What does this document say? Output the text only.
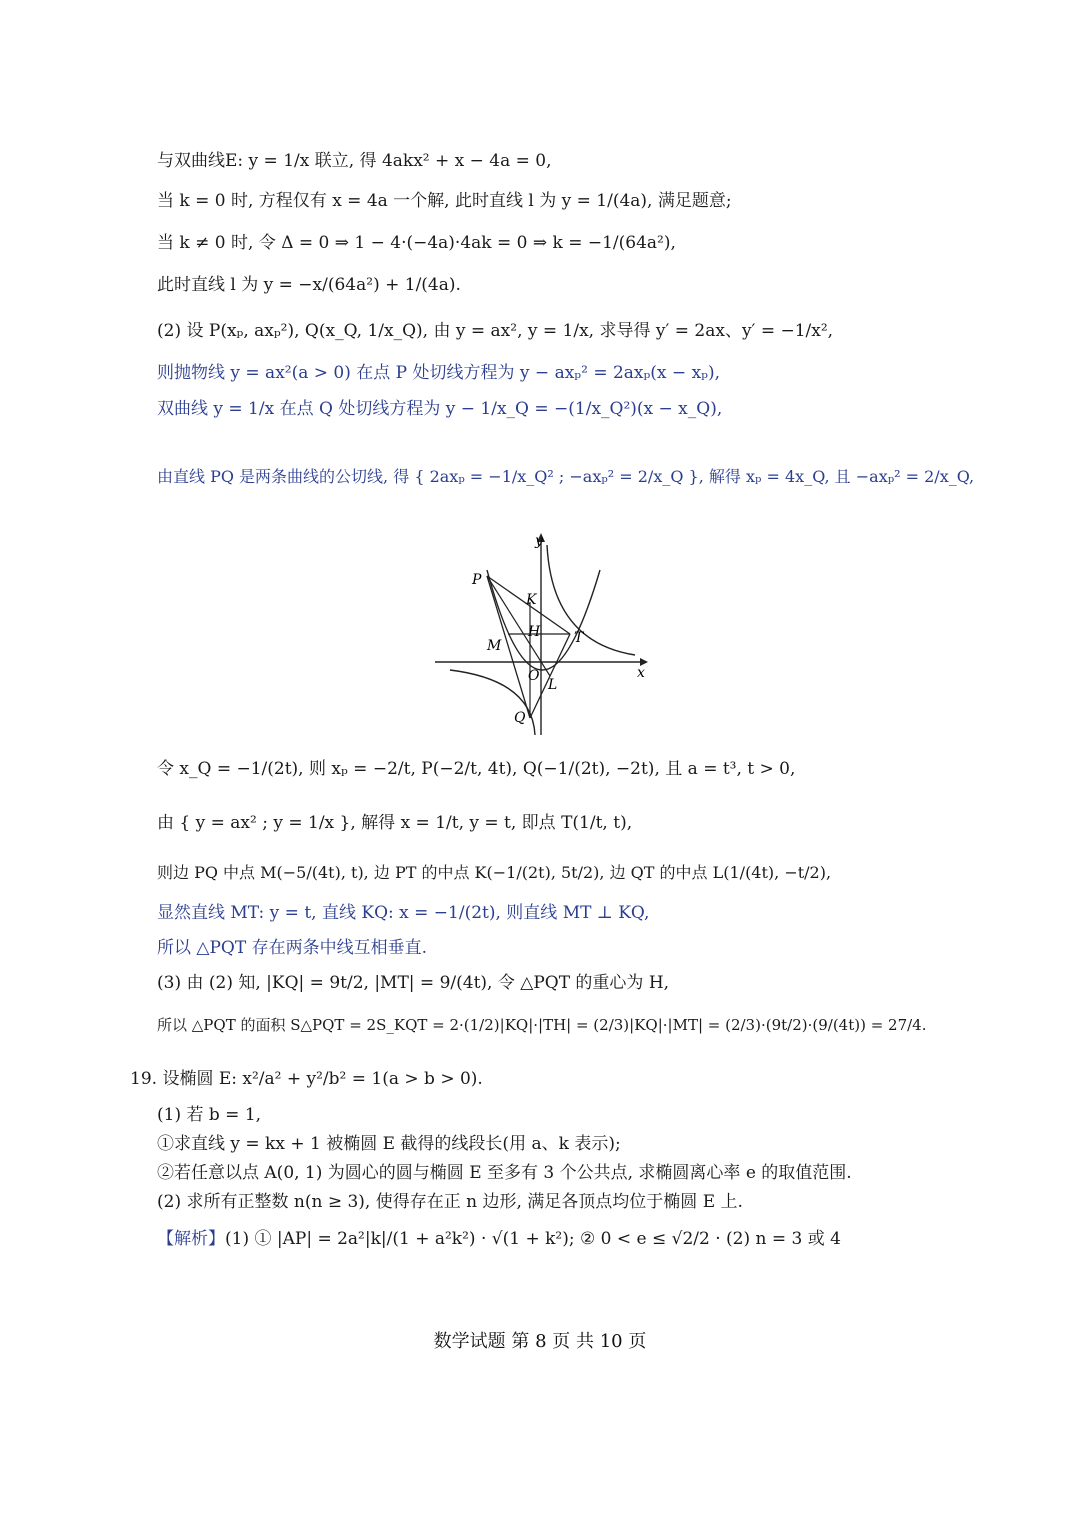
与双曲线E: y = 1/x 联立, 得 4akx² + x − 4a = 0,
当 k = 0 时, 方程仅有 x = 4a 一个解, 此时直线 l 为 y = 1/(4a), 满足题意;
当 k ≠ 0 时, 令 Δ = 0 ⇒ 1 − 4·(−4a)·4ak = 0 ⇒ k = −1/(64a²),
此时直线 l 为 y = −x/(64a²) + 1/(4a).
(2) 设 P(xₚ, axₚ²), Q(x_Q, 1/x_Q), 由 y = ax², y = 1/x, 求导得 y′ = 2ax、y′ = −1/x²,
则抛物线 y = ax²(a > 0) 在点 P 处切线方程为 y − axₚ² = 2axₚ(x − xₚ),
双曲线 y = 1/x 在点 Q 处切线方程为 y − 1/x_Q = −(1/x_Q²)(x − x_Q),
由直线 PQ 是两条曲线的公切线, 得 { 2axₚ = −1/x_Q² ; −axₚ² = 2/x_Q }, 解得 xₚ = 4x_Q, 且 −axₚ² = 2/x_Q,
y
P
K
H T
M
O
L
x
Q
令 x_Q = −1/(2t), 则 xₚ = −2/t, P(−2/t, 4t), Q(−1/(2t), −2t), 且 a = t³, t > 0,
由 { y = ax² ; y = 1/x }, 解得 x = 1/t, y = t, 即点 T(1/t, t),
则边 PQ 中点 M(−5/(4t), t), 边 PT 的中点 K(−1/(2t), 5t/2), 边 QT 的中点 L(1/(4t), −t/2),
显然直线 MT: y = t, 直线 KQ: x = −1/(2t), 则直线 MT ⊥ KQ,
所以 △PQT 存在两条中线互相垂直.
(3) 由 (2) 知, |KQ| = 9t/2, |MT| = 9/(4t), 令 △PQT 的重心为 H,
所以 △PQT 的面积 S△PQT = 2S_KQT = 2·(1/2)|KQ|·|TH| = (2/3)|KQ|·|MT| = (2/3)·(9t/2)·(9/(4t)) = 27/4.
19. 设椭圆 E: x²/a² + y²/b² = 1(a > b > 0).
(1) 若 b = 1,
①求直线 y = kx + 1 被椭圆 E 截得的线段长(用 a、k 表示);
②若任意以点 A(0, 1) 为圆心的圆与椭圆 E 至多有 3 个公共点, 求椭圆离心率 e 的取值范围.
(2) 求所有正整数 n(n ≥ 3), 使得存在正 n 边形, 满足各顶点均位于椭圆 E 上.
【解析】(1) ① |AP| = 2a²|k|/(1 + a²k²) · √(1 + k²); ② 0 < e ≤ √2/2 · (2) n = 3 或 4
数学试题 第 8 页 共 10 页
